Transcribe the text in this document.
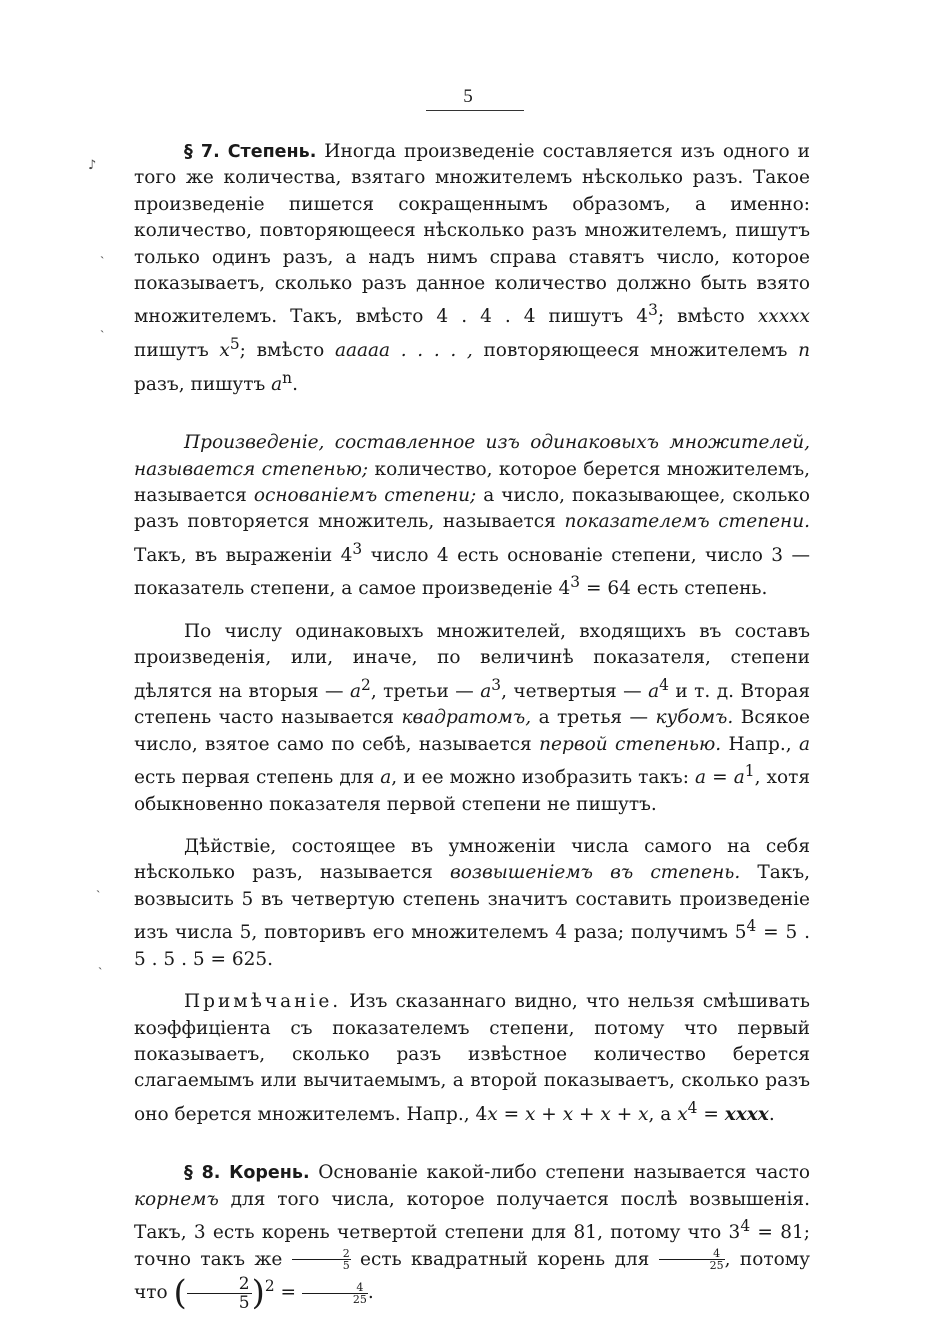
5
♪
ˏ
ˏ
ˏ
ˏ

§ 7. Степень. Иногда произведеніе составляется изъ одного и того же количества, взятаго множителемъ нѣсколько разъ. Такое произведеніе пишется сокращеннымъ образомъ, а именно: количество, повторяющееся нѣсколько разъ множителемъ, пишутъ только одинъ разъ, а надъ нимъ справа ставятъ число, которое показываетъ, сколько разъ данное количество должно быть взято множителемъ. Такъ, вмѣсто 4 . 4 . 4 пишутъ $4^3$; вмѣсто xxxxx пишутъ $x^5$; вмѣсто aaaaa . . . . , повторяющееся множителемъ n разъ, пишутъ $a^n$.

Произведеніе, составленное изъ одинаковыхъ множителей, называется степенью; количество, которое берется множителемъ, называется основаніемъ степени; а число, показывающее, сколько разъ повторяется множитель, называется показателемъ степени. Такъ, въ выраженіи $4^3$ число 4 есть основаніе степени, число 3 — показатель степени, а самое произведеніе $4^3 = 64$ есть степень.

По числу одинаковыхъ множителей, входящихъ въ составъ произведенія, или, иначе, по величинѣ показателя, степени дѣлятся на вторыя — $a^2$, третьи — $a^3$, четвертыя — $a^4$ и т. д. Вторая степень часто называется квадратомъ, а третья — кубомъ. Всякое число, взятое само по себѣ, называется первой степенью. Напр., a есть первая степень для a, и ее можно изобразить такъ: $a = a^1$, хотя обыкновенно показателя первой степени не пишутъ.

Дѣйствіе, состоящее въ умноженіи числа самого на себя нѣсколько разъ, называется возвышеніемъ въ степень. Такъ, возвысить 5 въ четвертую степень значитъ составить произведеніе изъ числа 5, повторивъ его множителемъ 4 раза; получимъ $5^4 = 5$ . 5 . 5 . 5 = 625.

Примѣчаніе. Изъ сказаннаго видно, что нельзя смѣшивать коэффиціента съ показателемъ степени, потому что первый показываетъ, сколько разъ извѣстное количество берется слагаемымъ или вычитаемымъ, а второй показываетъ, сколько разъ оно берется множителемъ. Напр., 4x = x + x + x + x, а $x^4$ = xxxx.

§ 8. Корень. Основаніе какой-либо степени называется часто корнемъ для того числа, которое получается послѣ возвышенія. Такъ, 3 есть корень четвертой степени для 81, потому что $3^4 = 81$; точно такъ же $\frac{2}{5}$ есть квадратный корень для $\frac{4}{25}$ , потому что ( $\frac{2}{5} )^2 = \frac{4}{25}$ .
